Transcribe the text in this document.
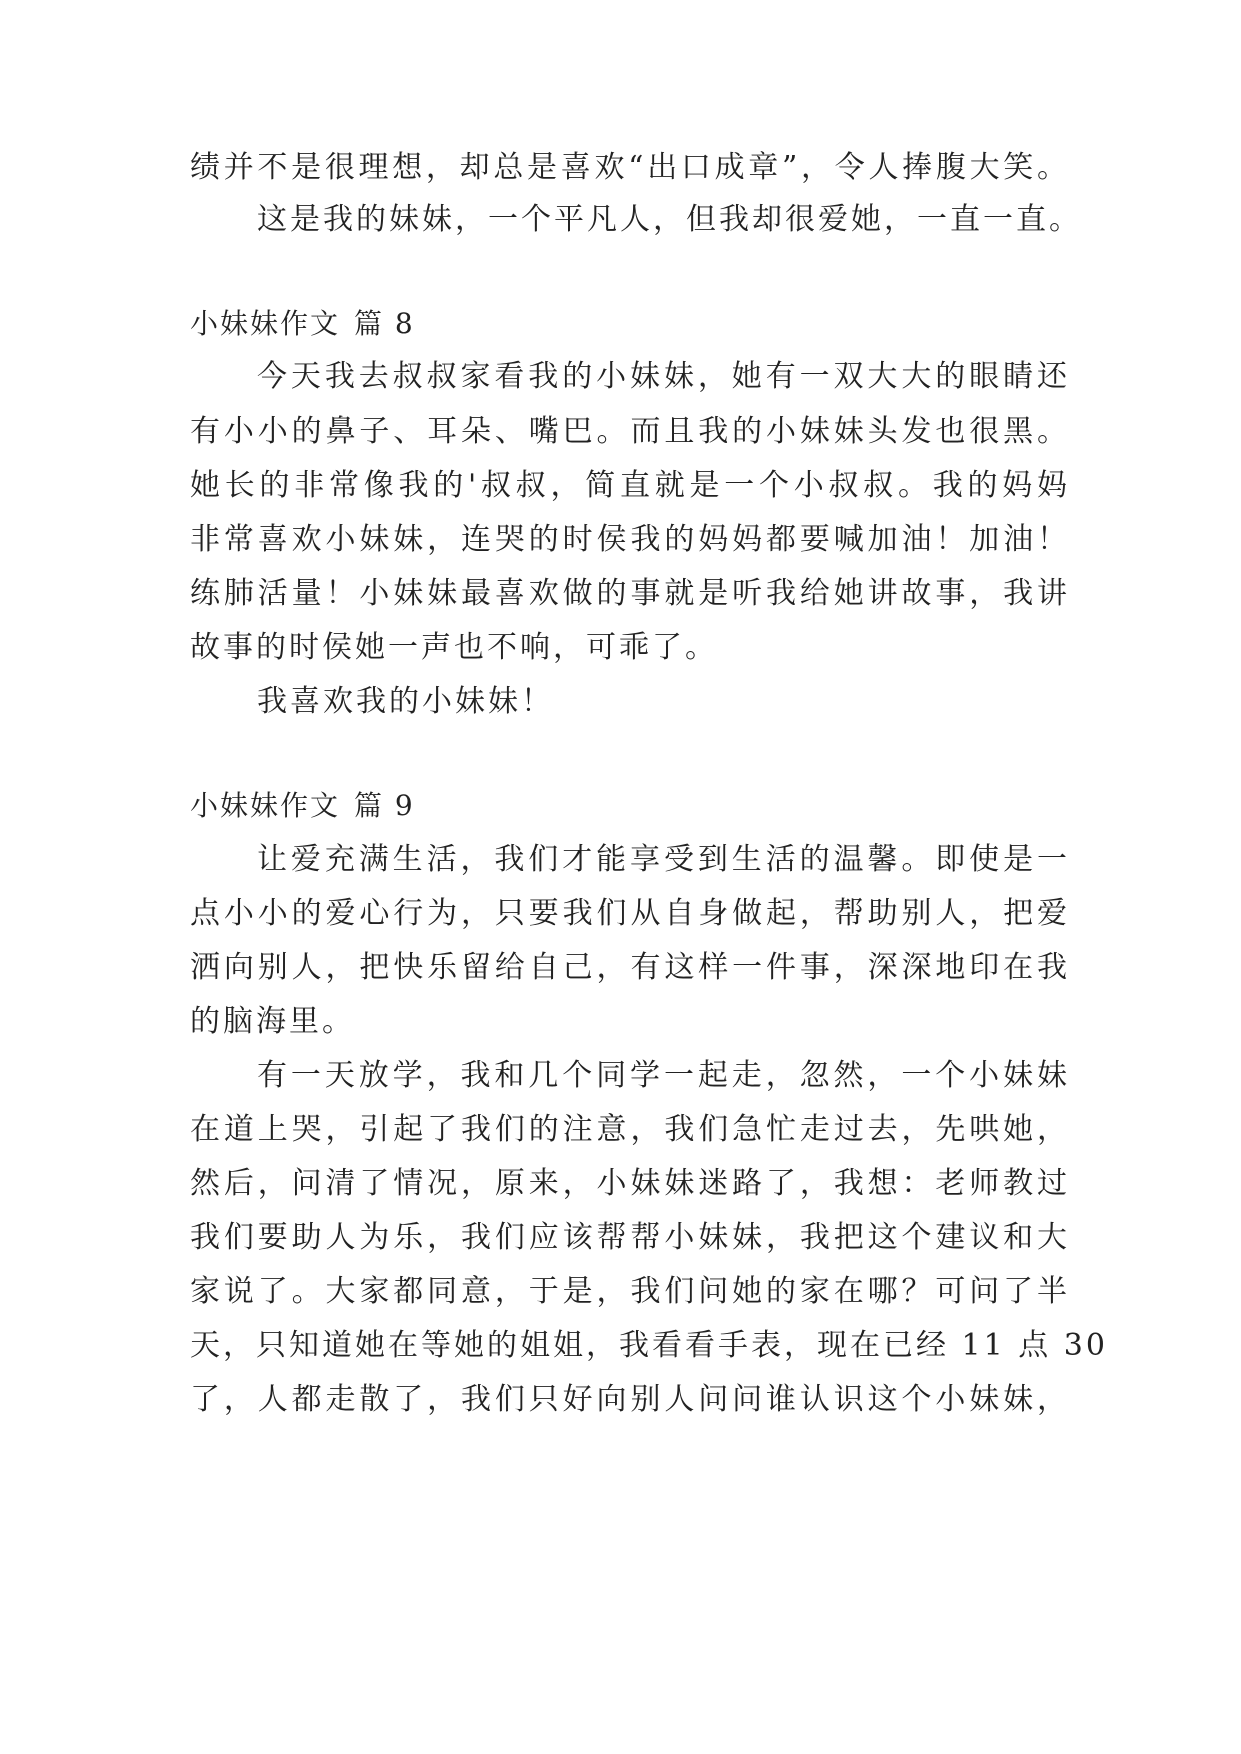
绩并不是很理想，却总是喜欢“出口成章”，令人捧腹大笑。
这是我的妹妹，一个平凡人，但我却很爱她，一直一直。
小妹妹作文 篇 8
今天我去叔叔家看我的小妹妹，她有一双大大的眼睛还
有小小的鼻子、耳朵、嘴巴。而且我的小妹妹头发也很黑。
她长的非常像我的'叔叔，简直就是一个小叔叔。我的妈妈
非常喜欢小妹妹，连哭的时侯我的妈妈都要喊加油！加油！
练肺活量！小妹妹最喜欢做的事就是听我给她讲故事，我讲
故事的时侯她一声也不响，可乖了。
我喜欢我的小妹妹！
小妹妹作文 篇 9
让爱充满生活，我们才能享受到生活的温馨。即使是一
点小小的爱心行为，只要我们从自身做起，帮助别人，把爱
洒向别人，把快乐留给自己，有这样一件事，深深地印在我
的脑海里。
有一天放学，我和几个同学一起走，忽然，一个小妹妹
在道上哭，引起了我们的注意，我们急忙走过去，先哄她，
然后，问清了情况，原来，小妹妹迷路了，我想：老师教过
我们要助人为乐，我们应该帮帮小妹妹，我把这个建议和大
家说了。大家都同意，于是，我们问她的家在哪？可问了半
天，只知道她在等她的姐姐，我看看手表，现在已经 11 点 30
了，人都走散了，我们只好向别人问问谁认识这个小妹妹，
